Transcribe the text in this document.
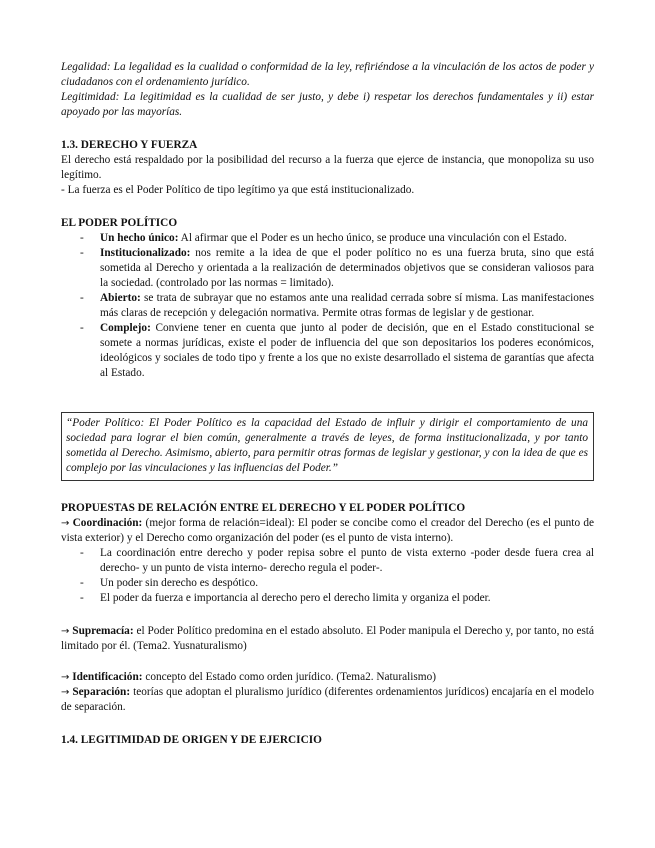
Legalidad: La legalidad es la cualidad o conformidad de la ley, refiriéndose a la vinculación de los actos de poder y ciudadanos con el ordenamiento jurídico.

Legitimidad: La legitimidad es la cualidad de ser justo, y debe i) respetar los derechos fundamentales y ii) estar apoyado por las mayorías.

1.3. DERECHO Y FUERZA

El derecho está respaldado por la posibilidad del recurso a la fuerza que ejerce de instancia, que monopoliza su uso legítimo.

- La fuerza es el Poder Político de tipo legítimo ya que está institucionalizado.

EL PODER POLÍTICO

- Un hecho único: Al afirmar que el Poder es un hecho único, se produce una vinculación con el Estado.
- Institucionalizado: nos remite a la idea de que el poder político no es una fuerza bruta, sino que está sometida al Derecho y orientada a la realización de determinados objetivos que se consideran valiosos para la sociedad. (controlado por las normas = limitado).
- Abierto: se trata de subrayar que no estamos ante una realidad cerrada sobre sí misma. Las manifestaciones más claras de recepción y delegación normativa. Permite otras formas de legislar y de gestionar.
- Complejo: Conviene tener en cuenta que junto al poder de decisión, que en el Estado constitucional se somete a normas jurídicas, existe el poder de influencia del que son depositarios los poderes económicos, ideológicos y sociales de todo tipo y frente a los que no existe desarrollado el sistema de garantías que afecta al Estado.
“Poder Político: El Poder Político es la capacidad del Estado de influir y dirigir el comportamiento de una sociedad para lograr el bien común, generalmente a través de leyes, de forma institucionalizada, y por tanto sometida al Derecho. Asimismo, abierto, para permitir otras formas de legislar y gestionar, y con la idea de que es complejo por las vinculaciones y las influencias del Poder.”

PROPUESTAS DE RELACIÓN ENTRE EL DERECHO Y EL PODER POLÍTICO

→ Coordinación: (mejor forma de relación=ideal): El poder se concibe como el creador del Derecho (es el punto de vista exterior) y el Derecho como organización del poder (es el punto de vista interno).

- La coordinación entre derecho y poder repisa sobre el punto de vista externo -poder desde fuera crea al derecho- y un punto de vista interno- derecho regula el poder-.
- Un poder sin derecho es despótico.
- El poder da fuerza e importancia al derecho pero el derecho limita y organiza el poder.

→ Supremacía: el Poder Político predomina en el estado absoluto. El Poder manipula el Derecho y, por tanto, no está limitado por él. (Tema2. Yusnaturalismo)

→ Identificación: concepto del Estado como orden jurídico. (Tema2. Naturalismo)

→ Separación: teorías que adoptan el pluralismo jurídico (diferentes ordenamientos jurídicos) encajaría en el modelo de separación.

1.4. LEGITIMIDAD DE ORIGEN Y DE EJERCICIO
